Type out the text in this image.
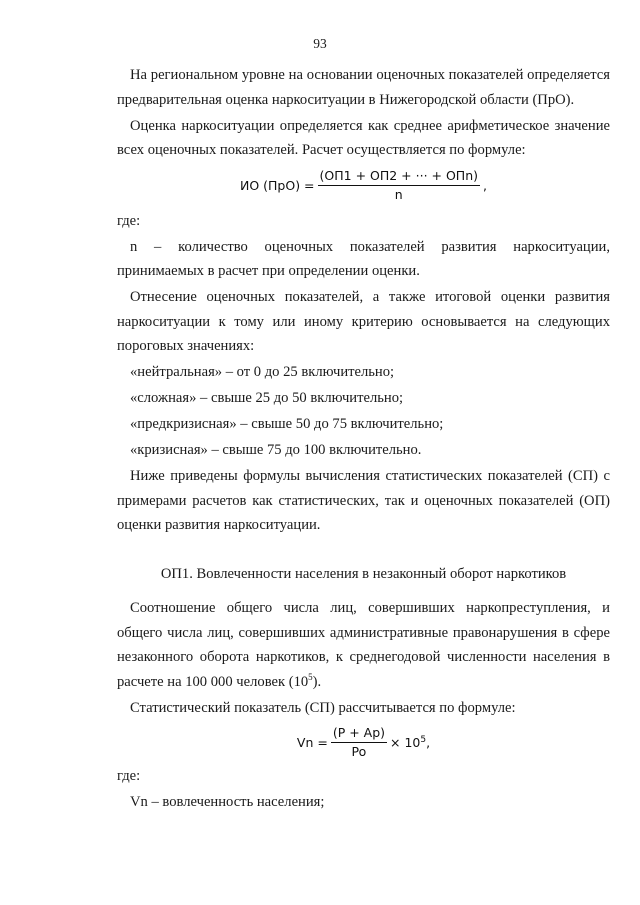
93

На региональном уровне на основании оценочных показателей определяется предварительная оценка наркоситуации в Нижегородской области (ПрО).

Оценка наркоситуации определяется как среднее арифметическое значение всех оценочных показателей. Расчет осуществляется по формуле:

ИО $(ПрО) = \frac{\text{(ОП1 + ОП2 + ··· + ОПn)}}{n}$ ,

где:

n – количество оценочных показателей развития наркоситуации, принимаемых в расчет при определении оценки.

Отнесение оценочных показателей, а также итоговой оценки развития наркоситуации к тому или иному критерию основывается на следующих пороговых значениях:

«нейтральная» – от 0 до 25 включительно;

«сложная» – свыше 25 до 50 включительно;

«предкризисная» – свыше 50 до 75 включительно;

«кризисная» – свыше 75 до 100 включительно.

Ниже приведены формулы вычисления статистических показателей (СП) с примерами расчетов как статистических, так и оценочных показателей (ОП) оценки развития наркоситуации.

ОП1. Вовлеченности населения в незаконный оборот наркотиков

Соотношение общего числа лиц, совершивших наркопреступления, и общего числа лиц, совершивших административные правонарушения в сфере незаконного оборота наркотиков, к среднегодовой численности населения в расчете на 100 000 человек $(10^5)$.

Статистический показатель (СП) рассчитывается по формуле:

$Vn = \frac{(P + Ap)}{Po} \times 10^5$,

где:

Vn – вовлеченность населения;
